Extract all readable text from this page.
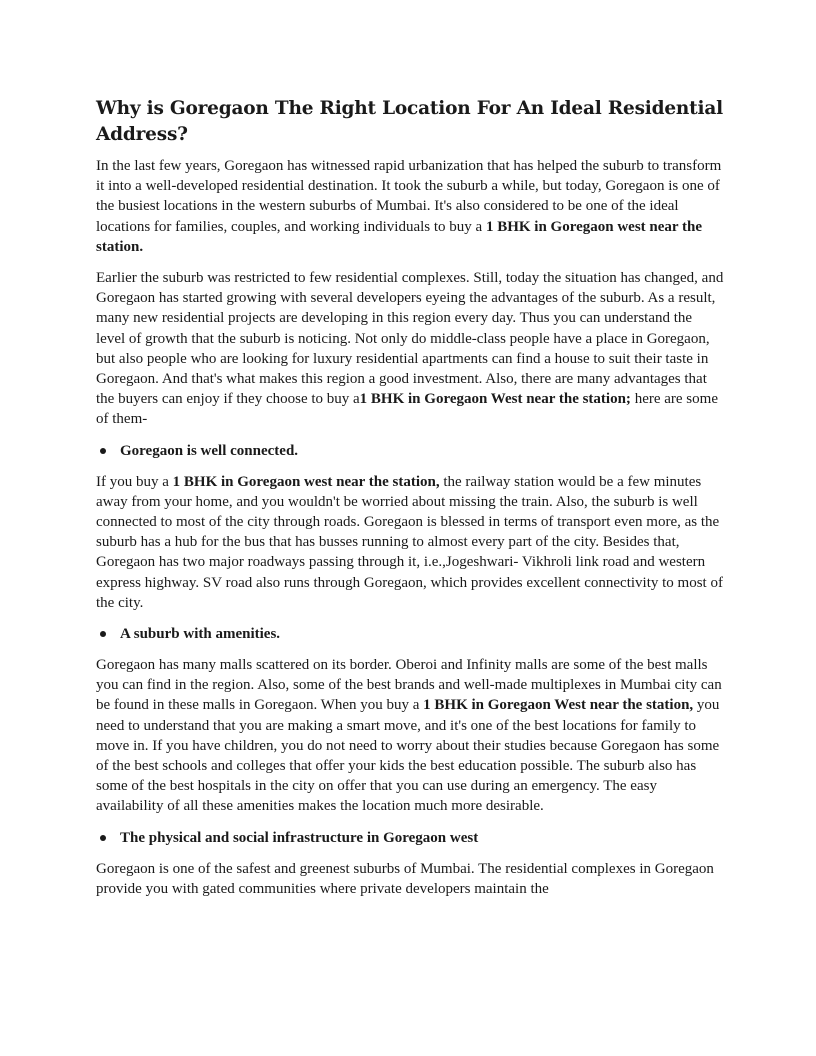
Why is Goregaon The Right Location For An Ideal Residential Address?

In the last few years, Goregaon has witnessed rapid urbanization that has helped the suburb to transform it into a well-developed residential destination. It took the suburb a while, but today, Goregaon is one of the busiest locations in the western suburbs of Mumbai. It's also considered to be one of the ideal locations for families, couples, and working individuals to buy a 1 BHK in Goregaon west near the station.

Earlier the suburb was restricted to few residential complexes. Still, today the situation has changed, and Goregaon has started growing with several developers eyeing the advantages of the suburb. As a result, many new residential projects are developing in this region every day. Thus you can understand the level of growth that the suburb is noticing. Not only do middle-class people have a place in Goregaon, but also people who are looking for luxury residential apartments can find a house to suit their taste in Goregaon. And that's what makes this region a good investment. Also, there are many advantages that the buyers can enjoy if they choose to buy a1 BHK in Goregaon West near the station; here are some of them-

Goregaon is well connected.

If you buy a 1 BHK in Goregaon west near the station, the railway station would be a few minutes away from your home, and you wouldn't be worried about missing the train. Also, the suburb is well connected to most of the city through roads. Goregaon is blessed in terms of transport even more, as the suburb has a hub for the bus that has busses running to almost every part of the city. Besides that, Goregaon has two major roadways passing through it, i.e.,Jogeshwari- Vikhroli link road and western express highway. SV road also runs through Goregaon, which provides excellent connectivity to most of the city.

A suburb with amenities.

Goregaon has many malls scattered on its border. Oberoi and Infinity malls are some of the best malls you can find in the region. Also, some of the best brands and well-made multiplexes in Mumbai city can be found in these malls in Goregaon. When you buy a 1 BHK in Goregaon West near the station, you need to understand that you are making a smart move, and it's one of the best locations for family to move in. If you have children, you do not need to worry about their studies because Goregaon has some of the best schools and colleges that offer your kids the best education possible. The suburb also has some of the best hospitals in the city on offer that you can use during an emergency. The easy availability of all these amenities makes the location much more desirable.

The physical and social infrastructure in Goregaon west

Goregaon is one of the safest and greenest suburbs of Mumbai. The residential complexes in Goregaon provide you with gated communities where private developers maintain the
